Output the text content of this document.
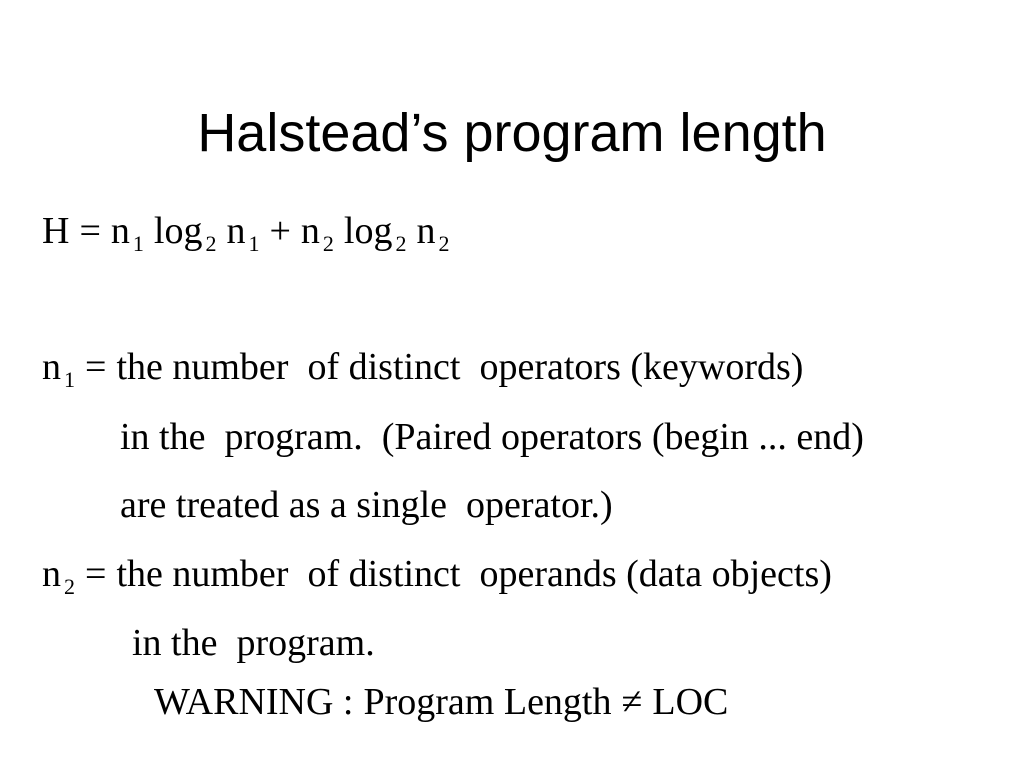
Halstead’s program length
H = n $_1$ log $_2$ n $_1$ + n $_2$ log $_2$ n $_2$
n $_1$ = the number  of distinct  operators (keywords)
in the  program.  (Paired operators (begin ... end)
are treated as a single  operator.)
n $_2$ = the number  of distinct  operands (data objects)
in the  program.
WARNING : Program Length ≠ LOC
